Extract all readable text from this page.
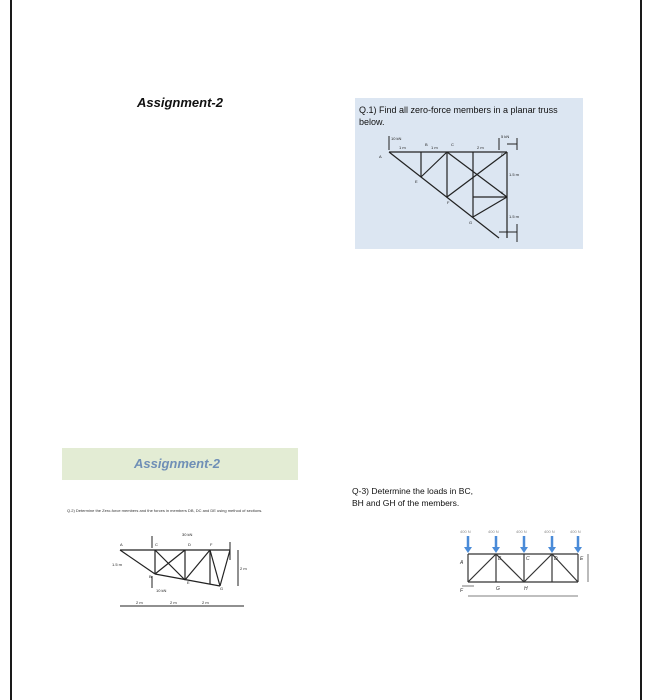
Assignment-2	Q.1) Find all zero-force members in a planar truss below.

10 kN	5 kN
1 m	1 m	2 m
1.5 m
1.5 m
A
B	C
D
E
F
G
K
Assignment-2

Q.2) Determine the Zero-force members and the forces in members DB, DC and DE using method of sections.

30 kN
10 kN
1.5 m
2 m
2 m	2 m	2 m
A	C	D	F
B
E
G

Q-3) Determine the loads in BC, BH and GH of the members.

400 N	400 N	400 N	400 N	400 N
A
B	C	D	E
G	H
F
